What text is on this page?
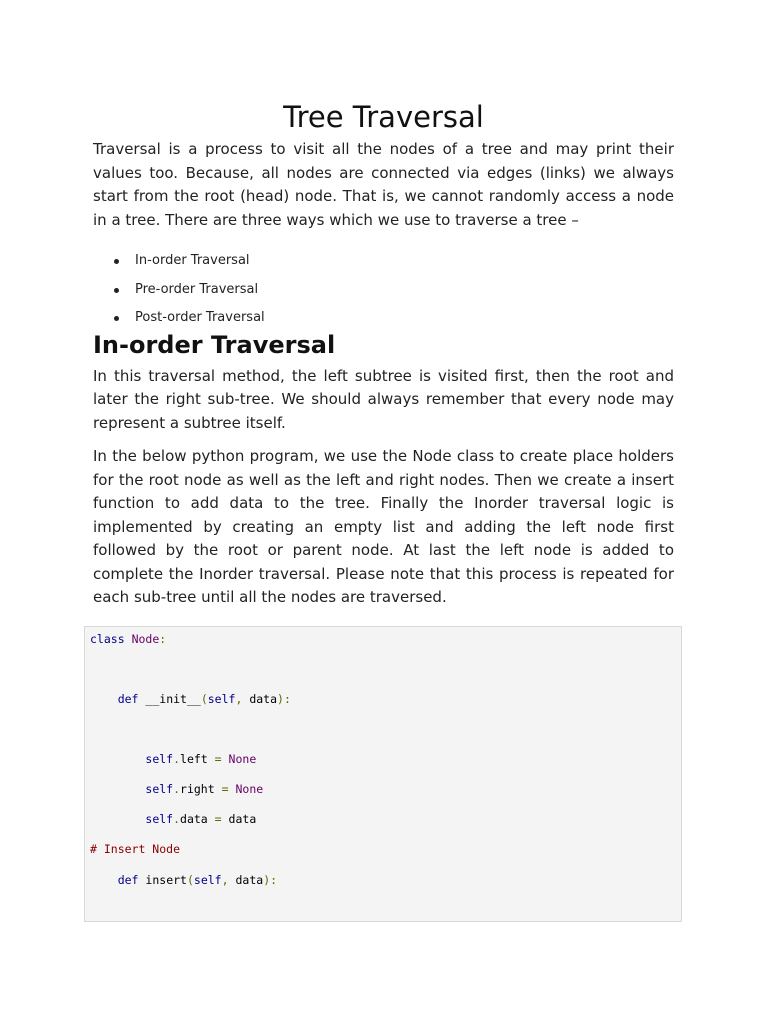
Tree Traversal

Traversal is a process to visit all the nodes of a tree and may print their values too. Because, all nodes are connected via edges (links) we always start from the root (head) node. That is, we cannot randomly access a node in a tree. There are three ways which we use to traverse a tree –

In-order Traversal
Pre-order Traversal
Post-order Traversal
In-order Traversal

In this traversal method, the left subtree is visited first, then the root and later the right sub-tree. We should always remember that every node may represent a subtree itself.

In the below python program, we use the Node class to create place holders for the root node as well as the left and right nodes. Then we create a insert function to add data to the tree. Finally the Inorder traversal logic is implemented by creating an empty list and adding the left node first followed by the root or parent node. At last the left node is added to complete the Inorder traversal. Please note that this process is repeated for each sub-tree until all the nodes are traversed.

class Node:
def __init__(self, data):
self.left = None
self.right = None
self.data = data
# Insert Node
def insert(self, data):
